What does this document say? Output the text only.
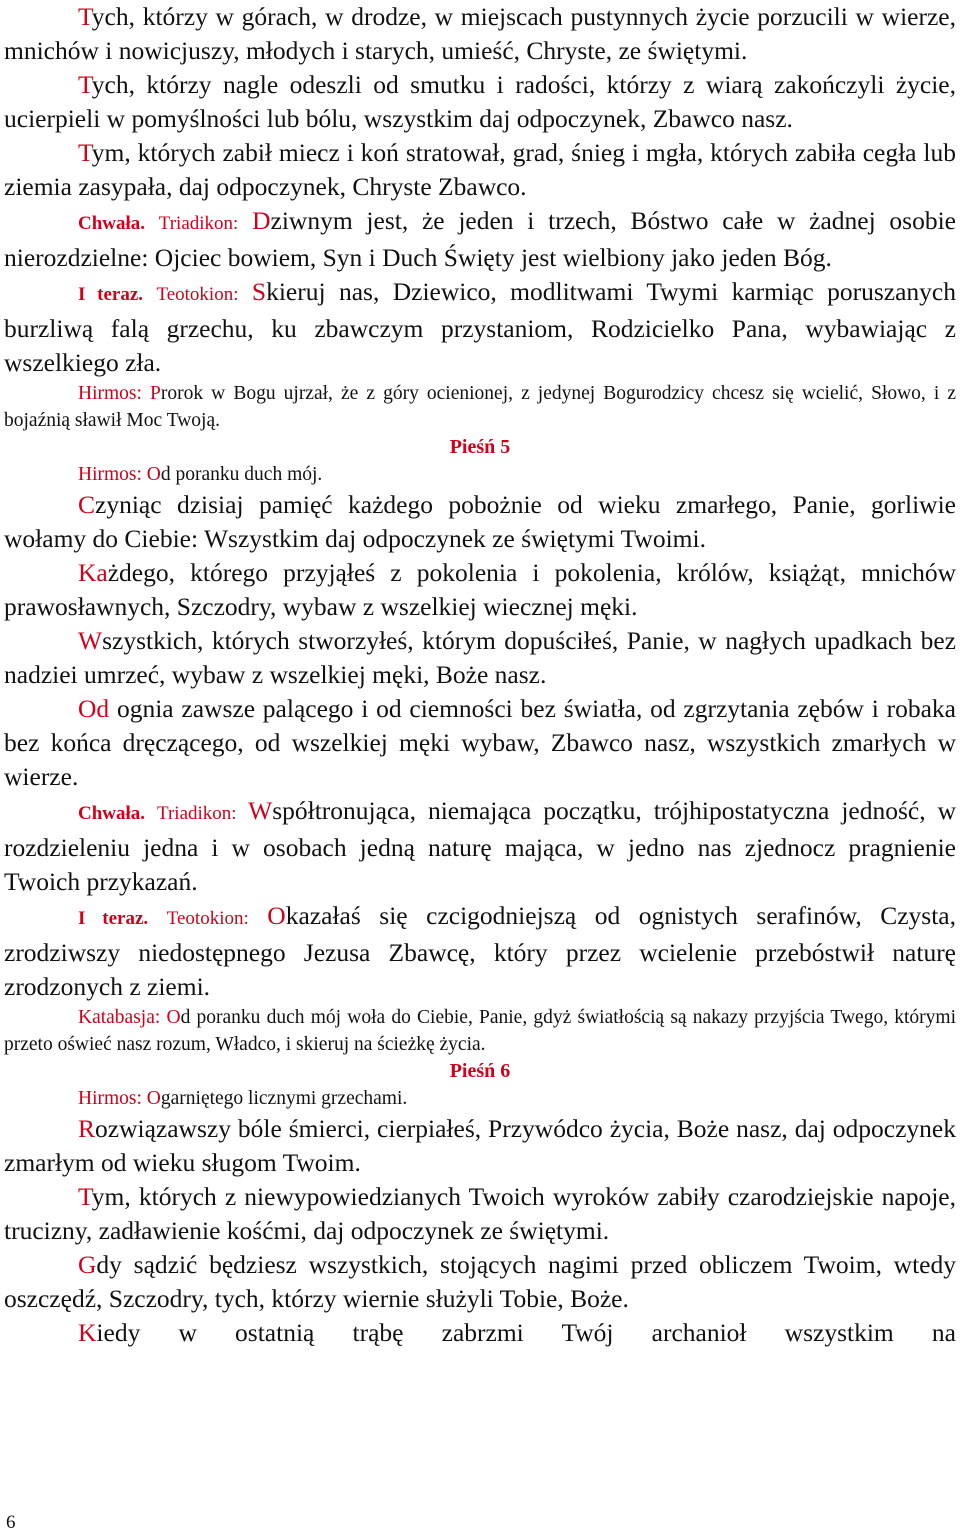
Tych, którzy w górach, w drodze, w miejscach pustynnych życie porzucili w wierze, mnichów i nowicjuszy, młodych i starych, umieść, Chryste, ze świętymi.

Tych, którzy nagle odeszli od smutku i radości, którzy z wiarą zakończyli życie, ucierpieli w pomyślności lub bólu, wszystkim daj odpoczynek, Zbawco nasz.

Tym, których zabił miecz i koń stratował, grad, śnieg i mgła, których zabiła cegła lub ziemia zasypała, daj odpoczynek, Chryste Zbawco.

Chwała. Triadikon: Dziwnym jest, że jeden i trzech, Bóstwo całe w żadnej osobie nierozdzielne: Ojciec bowiem, Syn i Duch Święty jest wielbiony jako jeden Bóg.

I teraz. Teotokion: Skieruj nas, Dziewico, modlitwami Twymi karmiąc poruszanych burzliwą falą grzechu, ku zbawczym przystaniom, Rodzicielko Pana, wybawiając z wszelkiego zła.

Hirmos: Prorok w Bogu ujrzał, że z góry ocienionej, z jedynej Bogurodzicy chcesz się wcielić, Słowo, i z bojaźnią sławił Moc Twoją.

Pieśń 5

Hirmos: Od poranku duch mój.

Czyniąc dzisiaj pamięć każdego pobożnie od wieku zmarłego, Panie, gorliwie wołamy do Ciebie: Wszystkim daj odpoczynek ze świętymi Twoimi.

Każdego, którego przyjąłeś z pokolenia i pokolenia, królów, książąt, mnichów prawosławnych, Szczodry, wybaw z wszelkiej wiecznej męki.

Wszystkich, których stworzyłeś, którym dopuściłeś, Panie, w nagłych upadkach bez nadziei umrzeć, wybaw z wszelkiej męki, Boże nasz.

Od ognia zawsze palącego i od ciemności bez światła, od zgrzytania zębów i robaka bez końca dręczącego, od wszelkiej męki wybaw, Zbawco nasz, wszystkich zmarłych w wierze.

Chwała. Triadikon: Współtronująca, niemająca początku, trójhipostatyczna jedność, w rozdzieleniu jedna i w osobach jedną naturę mająca, w jedno nas zjednocz pragnienie Twoich przykazań.

I teraz. Teotokion: Okazałaś się czcigodniejszą od ognistych serafinów, Czysta, zrodziwszy niedostępnego Jezusa Zbawcę, który przez wcielenie przebóstwił naturę zrodzonych z ziemi.

Katabasja: Od poranku duch mój woła do Ciebie, Panie, gdyż światłością są nakazy przyjścia Twego, którymi przeto oświeć nasz rozum, Władco, i skieruj na ścieżkę życia.

Pieśń 6

Hirmos: Ogarniętego licznymi grzechami.

Rozwiązawszy bóle śmierci, cierpiałeś, Przywódco życia, Boże nasz, daj odpoczynek zmarłym od wieku sługom Twoim.

Tym, których z niewypowiedzianych Twoich wyroków zabiły czarodziejskie napoje, trucizny, zadławienie kośćmi, daj odpoczynek ze świętymi.

Gdy sądzić będziesz wszystkich, stojących nagimi przed obliczem Twoim, wtedy oszczędź, Szczodry, tych, którzy wiernie służyli Tobie, Boże.

Kiedy w ostatnią trąbę zabrzmi Twój archanioł wszystkim na

6
